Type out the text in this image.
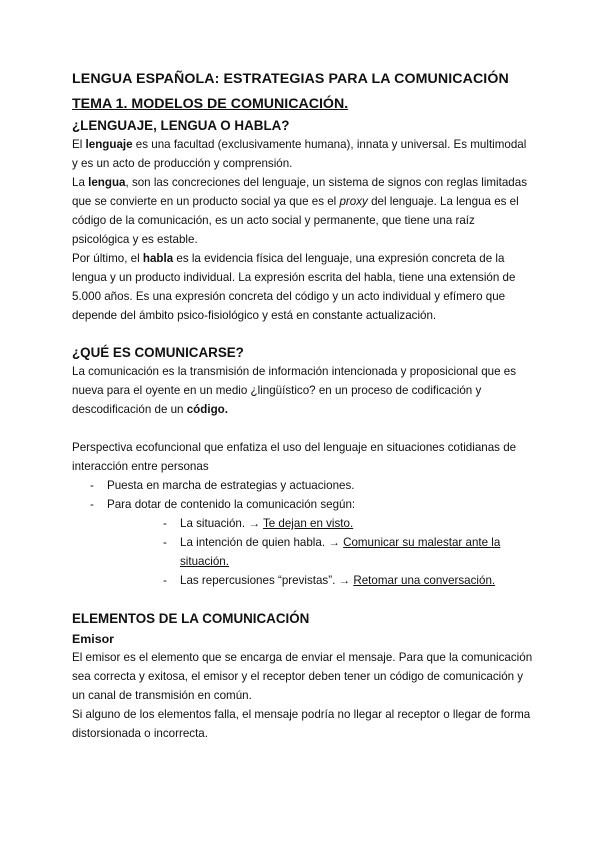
LENGUA ESPAÑOLA: ESTRATEGIAS PARA LA COMUNICACIÓN
TEMA 1. MODELOS DE COMUNICACIÓN.
¿LENGUAJE, LENGUA O HABLA?

El lenguaje es una facultad (exclusivamente humana), innata y universal. Es multimodal y es un acto de producción y comprensión.

La lengua, son las concreciones del lenguaje, un sistema de signos con reglas limitadas que se convierte en un producto social ya que es el proxy del lenguaje. La lengua es el código de la comunicación, es un acto social y permanente, que tiene una raíz psicológica y es estable.

Por último, el habla es la evidencia física del lenguaje, una expresión concreta de la lengua y un producto individual. La expresión escrita del habla, tiene una extensión de 5.000 años. Es una expresión concreta del código y un acto individual y efímero que depende del ámbito psico-fisiológico y está en constante actualización.

¿QUÉ ES COMUNICARSE?

La comunicación es la transmisión de información intencionada y proposicional que es nueva para el oyente en un medio ¿lingüístico? en un proceso de codificación y descodificación de un código.

Perspectiva ecofuncional que enfatiza el uso del lenguaje en situaciones cotidianas de interacción entre personas

- Puesta en marcha de estrategias y actuaciones.
- Para dotar de contenido la comunicación según:
- La situación. → Te dejan en visto.
- La intención de quien habla. → Comunicar su malestar ante la situación.
- Las repercusiones “previstas”. → Retomar una conversación.
ELEMENTOS DE LA COMUNICACIÓN
Emisor

El emisor es el elemento que se encarga de enviar el mensaje. Para que la comunicación sea correcta y exitosa, el emisor y el receptor deben tener un código de comunicación y un canal de transmisión en común.

Si alguno de los elementos falla, el mensaje podría no llegar al receptor o llegar de forma distorsionada o incorrecta.
